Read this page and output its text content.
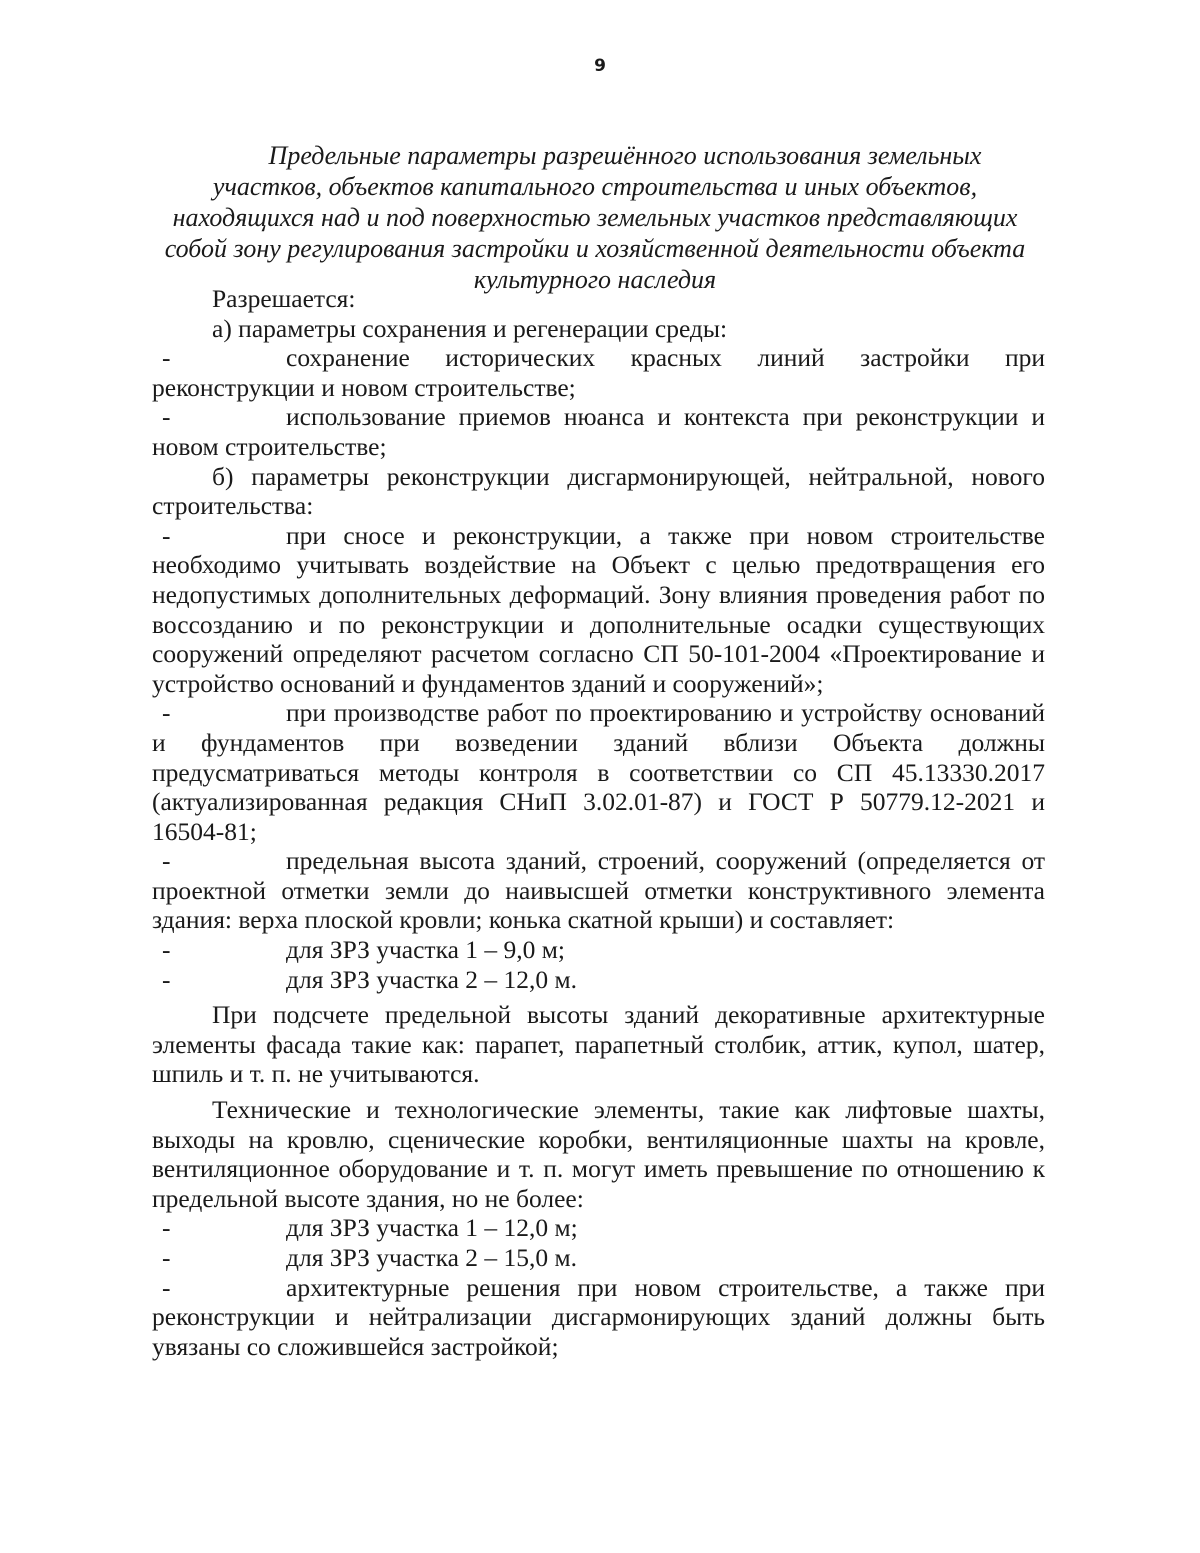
9
Предельные параметры разрешённого использования земельных
участков, объектов капитального строительства и иных объектов,
находящихся над и под поверхностью земельных участков представляющих
собой зону регулирования застройки и хозяйственной деятельности объекта
культурного наследия

Разрешается:

а) параметры сохранения и регенерации среды:

-	сохранение исторических красных линий застройки при реконструкции и новом строительстве;

-	использование приемов нюанса и контекста при реконструкции и новом строительстве;

б) параметры реконструкции дисгармонирующей, нейтральной, нового строительства:

-	при сносе и реконструкции, а также при новом строительстве необходимо учитывать воздействие на Объект с целью предотвращения его недопустимых дополнительных деформаций. Зону влияния проведения работ по воссозданию и по реконструкции и дополнительные осадки существующих сооружений определяют расчетом согласно СП 50-101-2004 «Проектирование и устройство оснований и фундаментов зданий и сооружений»;

-	при производстве работ по проектированию и устройству оснований и фундаментов при возведении зданий вблизи Объекта должны предусматриваться методы контроля в соответствии со СП 45.13330.2017 (актуализированная редакция СНиП 3.02.01-87) и ГОСТ Р 50779.12-2021 и 16504-81;

-	предельная высота зданий, строений, сооружений (определяется от проектной отметки земли до наивысшей отметки конструктивного элемента здания: верха плоской кровли; конька скатной крыши) и составляет:

-	для ЗРЗ участка 1 – 9,0 м;

-	для ЗРЗ участка 2 – 12,0 м.

При подсчете предельной высоты зданий декоративные архитектурные элементы фасада такие как: парапет, парапетный столбик, аттик, купол, шатер, шпиль и т. п. не учитываются.

Технические и технологические элементы, такие как лифтовые шахты, выходы на кровлю, сценические коробки, вентиляционные шахты на кровле, вентиляционное оборудование и т. п. могут иметь превышение по отношению к предельной высоте здания, но не более:

-	для ЗРЗ участка 1 – 12,0 м;

-	для ЗРЗ участка 2 – 15,0 м.

-	архитектурные решения при новом строительстве, а также при реконструкции и нейтрализации дисгармонирующих зданий должны быть увязаны со сложившейся застройкой;
